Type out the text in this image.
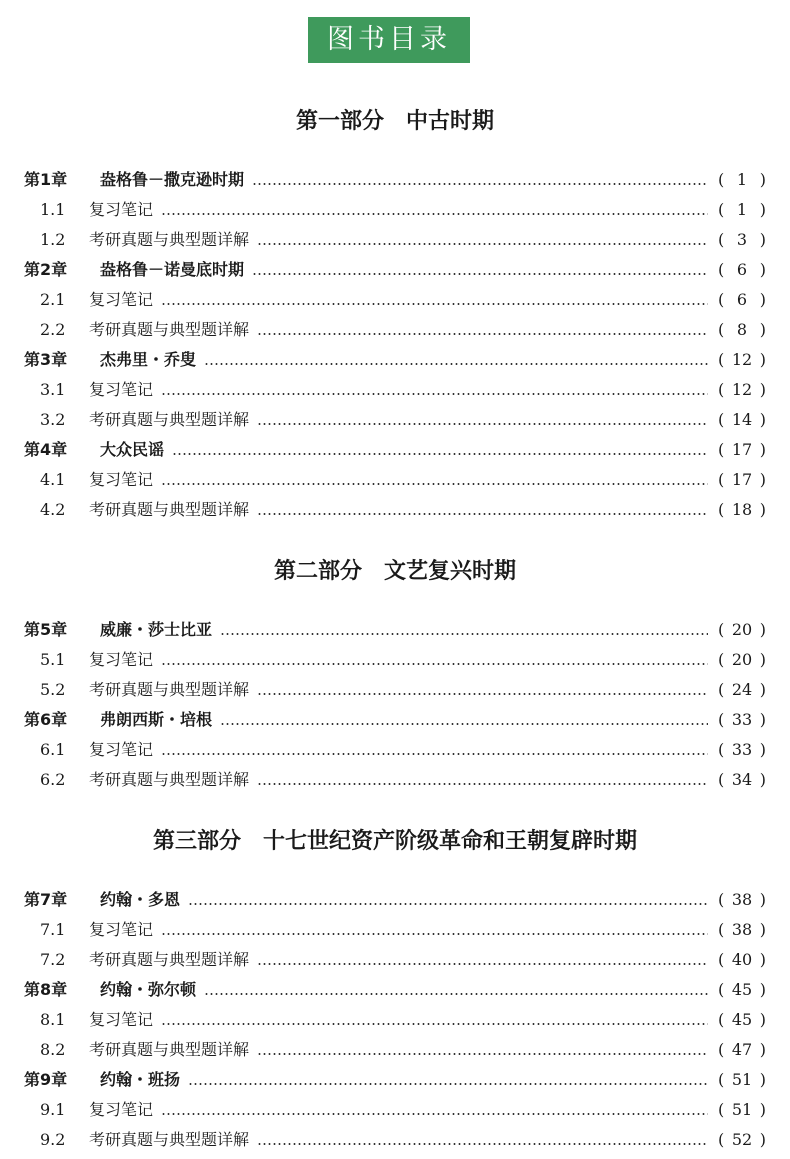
图书目录
第一部分　中古时期
第1章	盎格鲁－撒克逊时期	( 1 )
1.1	复习笔记	( 1 )
1.2	考研真题与典型题详解	( 3 )
第2章	盎格鲁－诺曼底时期	( 6 )
2.1	复习笔记	( 6 )
2.2	考研真题与典型题详解	( 8 )
第3章	杰弗里・乔叟	( 12 )
3.1	复习笔记	( 12 )
3.2	考研真题与典型题详解	( 14 )
第4章	大众民谣	( 17 )
4.1	复习笔记	( 17 )
4.2	考研真题与典型题详解	( 18 )
第二部分　文艺复兴时期
第5章	威廉・莎士比亚	( 20 )
5.1	复习笔记	( 20 )
5.2	考研真题与典型题详解	( 24 )
第6章	弗朗西斯・培根	( 33 )
6.1	复习笔记	( 33 )
6.2	考研真题与典型题详解	( 34 )
第三部分　十七世纪资产阶级革命和王朝复辟时期
第7章	约翰・多恩	( 38 )
7.1	复习笔记	( 38 )
7.2	考研真题与典型题详解	( 40 )
第8章	约翰・弥尔顿	( 45 )
8.1	复习笔记	( 45 )
8.2	考研真题与典型题详解	( 47 )
第9章	约翰・班扬	( 51 )
9.1	复习笔记	( 51 )
9.2	考研真题与典型题详解	( 52 )
